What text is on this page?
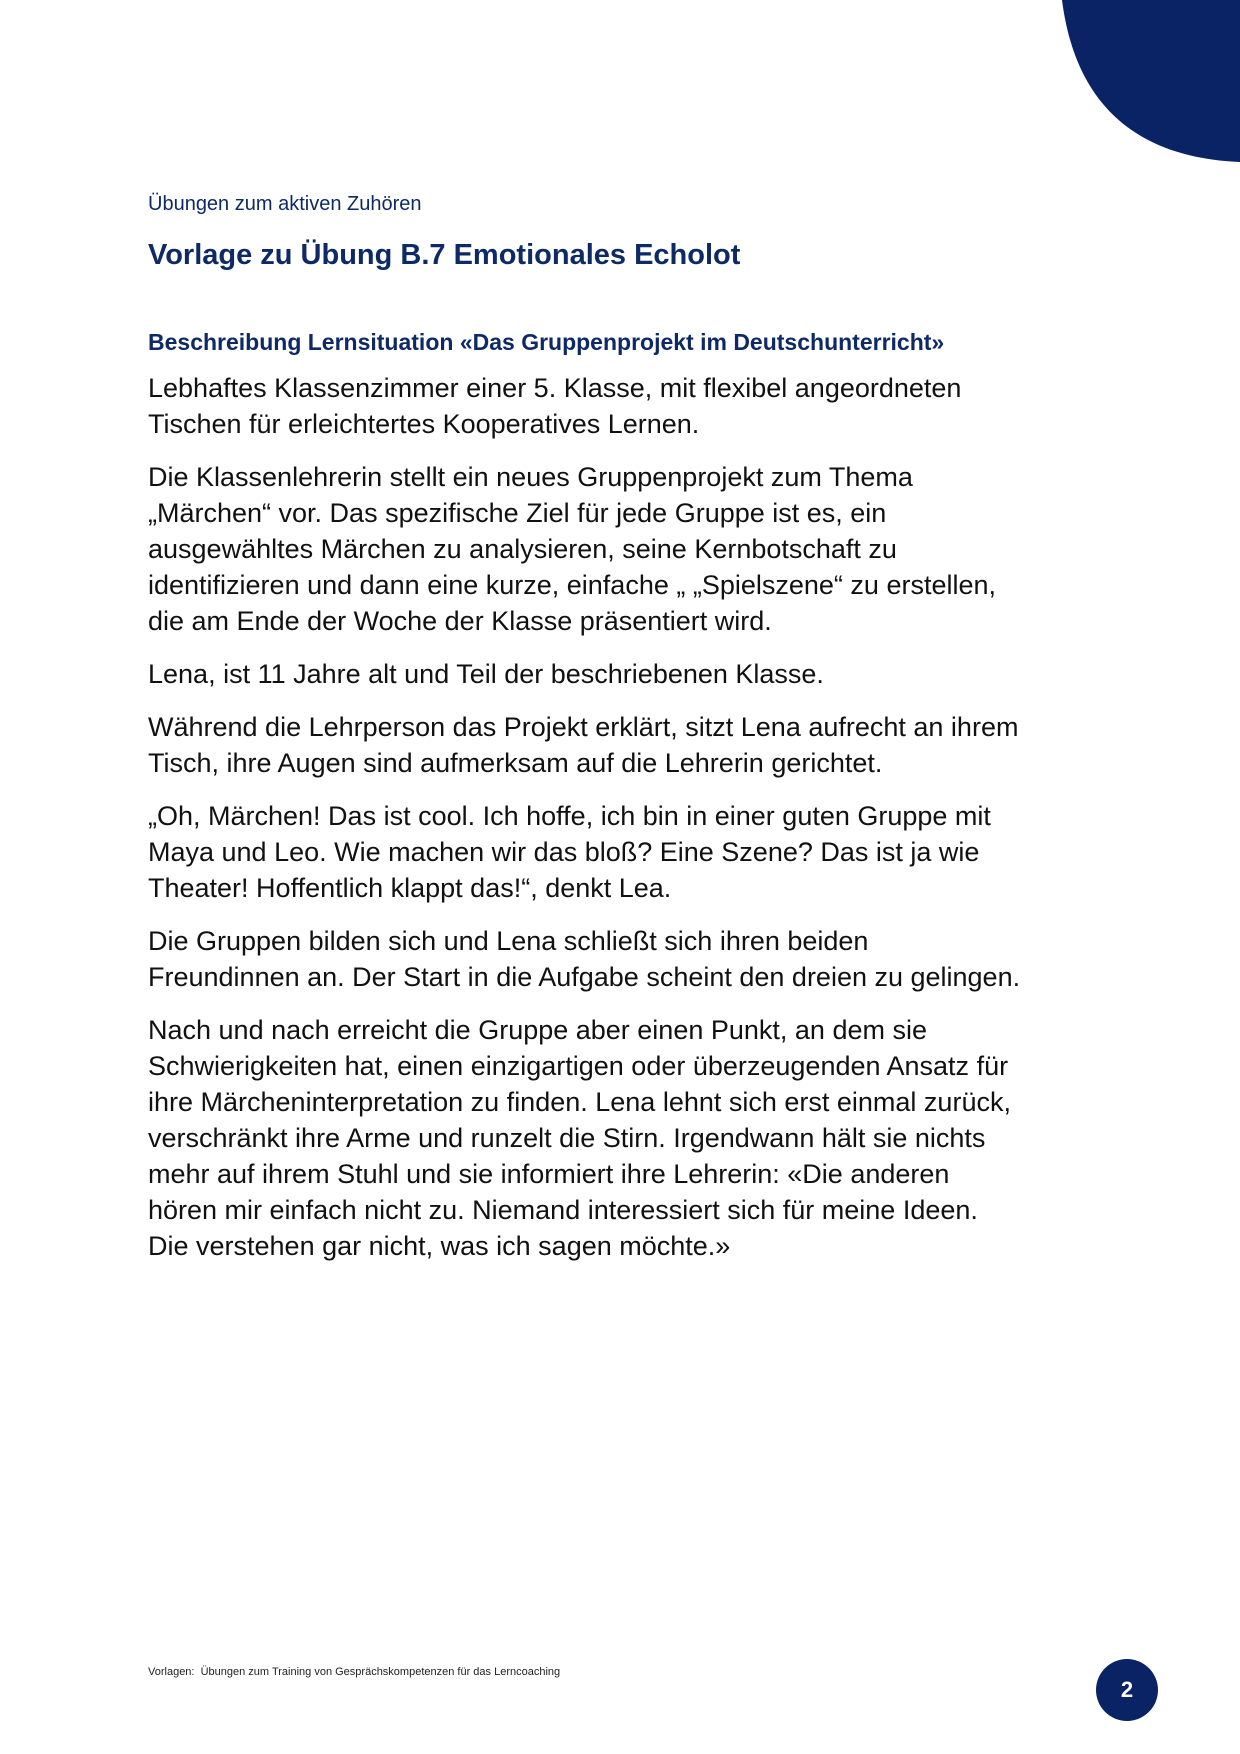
Übungen zum aktiven Zuhören

Vorlage zu Übung B.7 Emotionales Echolot
Beschreibung Lernsituation «Das Gruppenprojekt im Deutschunterricht»

Lebhaftes Klassenzimmer einer 5. Klasse, mit flexibel angeordneten
Tischen für erleichtertes Kooperatives Lernen.

Die Klassenlehrerin stellt ein neues Gruppenprojekt zum Thema
„Märchen“ vor. Das spezifische Ziel für jede Gruppe ist es, ein
ausgewähltes Märchen zu analysieren, seine Kernbotschaft zu
identifizieren und dann eine kurze, einfache „ „Spielszene“ zu erstellen,
die am Ende der Woche der Klasse präsentiert wird.

Lena, ist 11 Jahre alt und Teil der beschriebenen Klasse.

Während die Lehrperson das Projekt erklärt, sitzt Lena aufrecht an ihrem
Tisch, ihre Augen sind aufmerksam auf die Lehrerin gerichtet.

„Oh, Märchen! Das ist cool. Ich hoffe, ich bin in einer guten Gruppe mit
Maya und Leo. Wie machen wir das bloß? Eine Szene? Das ist ja wie
Theater! Hoffentlich klappt das!“, denkt Lea.

Die Gruppen bilden sich und Lena schließt sich ihren beiden
Freundinnen an. Der Start in die Aufgabe scheint den dreien zu gelingen.

Nach und nach erreicht die Gruppe aber einen Punkt, an dem sie
Schwierigkeiten hat, einen einzigartigen oder überzeugenden Ansatz für
ihre Märcheninterpretation zu finden. Lena lehnt sich erst einmal zurück,
verschränkt ihre Arme und runzelt die Stirn. Irgendwann hält sie nichts
mehr auf ihrem Stuhl und sie informiert ihre Lehrerin: «Die anderen
hören mir einfach nicht zu. Niemand interessiert sich für meine Ideen.
Die verstehen gar nicht, was ich sagen möchte.»

Vorlagen:  Übungen zum Training von Gesprächskompetenzen für das Lerncoaching
2
